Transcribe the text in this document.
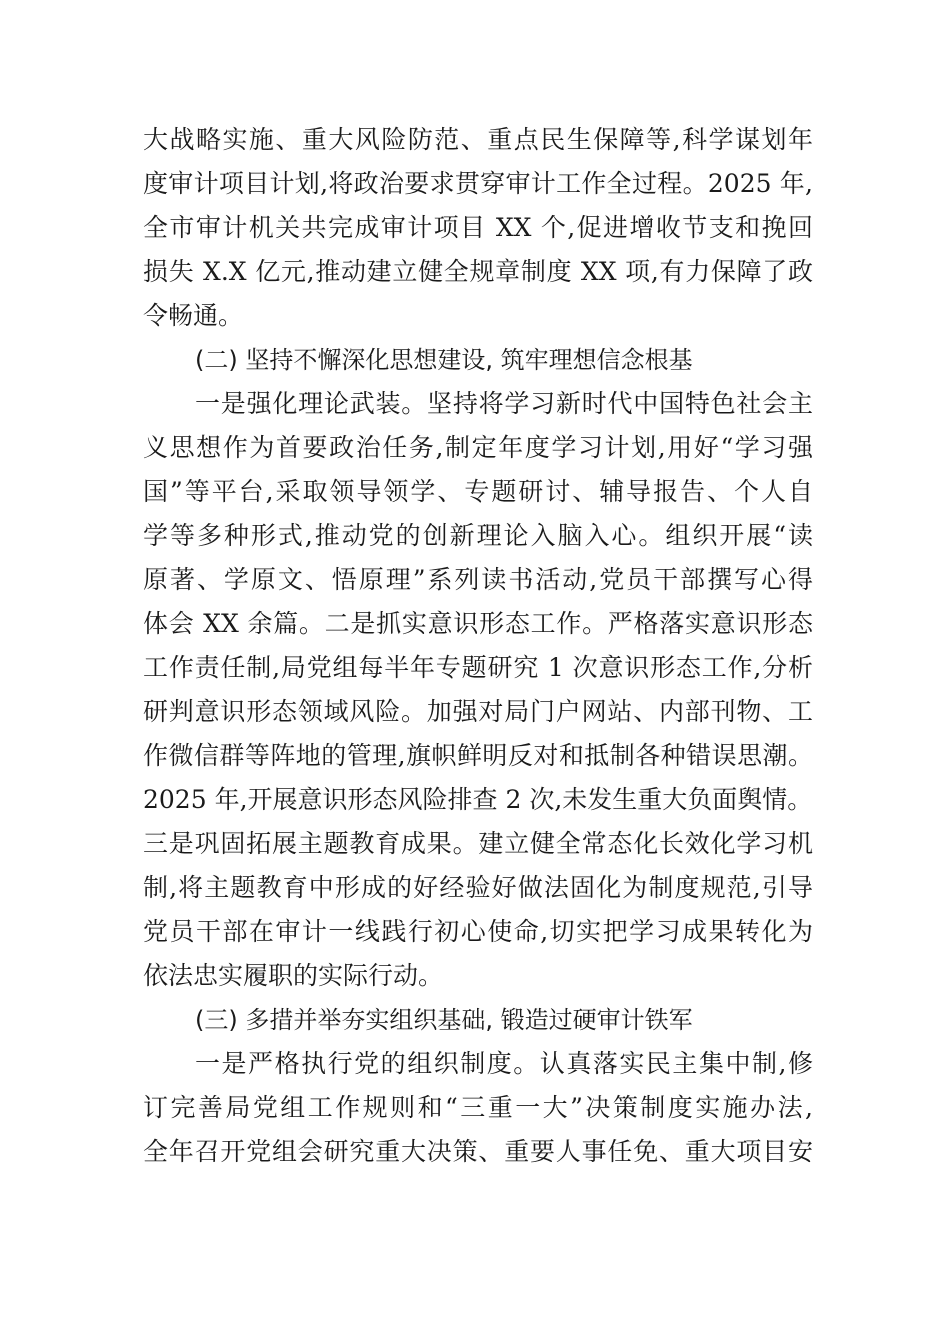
大战略实施、重大风险防范、重点民生保障等,科学谋划年
度审计项目计划,将政治要求贯穿审计工作全过程。2025 年,
全市审计机关共完成审计项目 XX 个,促进增收节支和挽回
损失 X.X 亿元,推动建立健全规章制度 XX 项,有力保障了政
令畅通。
(二) 坚持不懈深化思想建设, 筑牢理想信念根基
一是强化理论武装。坚持将学习新时代中国特色社会主
义思想作为首要政治任务,制定年度学习计划,用好“学习强
国”等平台,采取领导领学、专题研讨、辅导报告、个人自
学等多种形式,推动党的创新理论入脑入心。组织开展“读
原著、学原文、悟原理”系列读书活动,党员干部撰写心得
体会 XX 余篇。二是抓实意识形态工作。严格落实意识形态
工作责任制,局党组每半年专题研究 1 次意识形态工作,分析
研判意识形态领域风险。加强对局门户网站、内部刊物、工
作微信群等阵地的管理,旗帜鲜明反对和抵制各种错误思潮。
2025 年,开展意识形态风险排查 2 次,未发生重大负面舆情。
三是巩固拓展主题教育成果。建立健全常态化长效化学习机
制,将主题教育中形成的好经验好做法固化为制度规范,引导
党员干部在审计一线践行初心使命,切实把学习成果转化为
依法忠实履职的实际行动。
(三) 多措并举夯实组织基础, 锻造过硬审计铁军
一是严格执行党的组织制度。认真落实民主集中制,修
订完善局党组工作规则和“三重一大”决策制度实施办法,
全年召开党组会研究重大决策、重要人事任免、重大项目安
